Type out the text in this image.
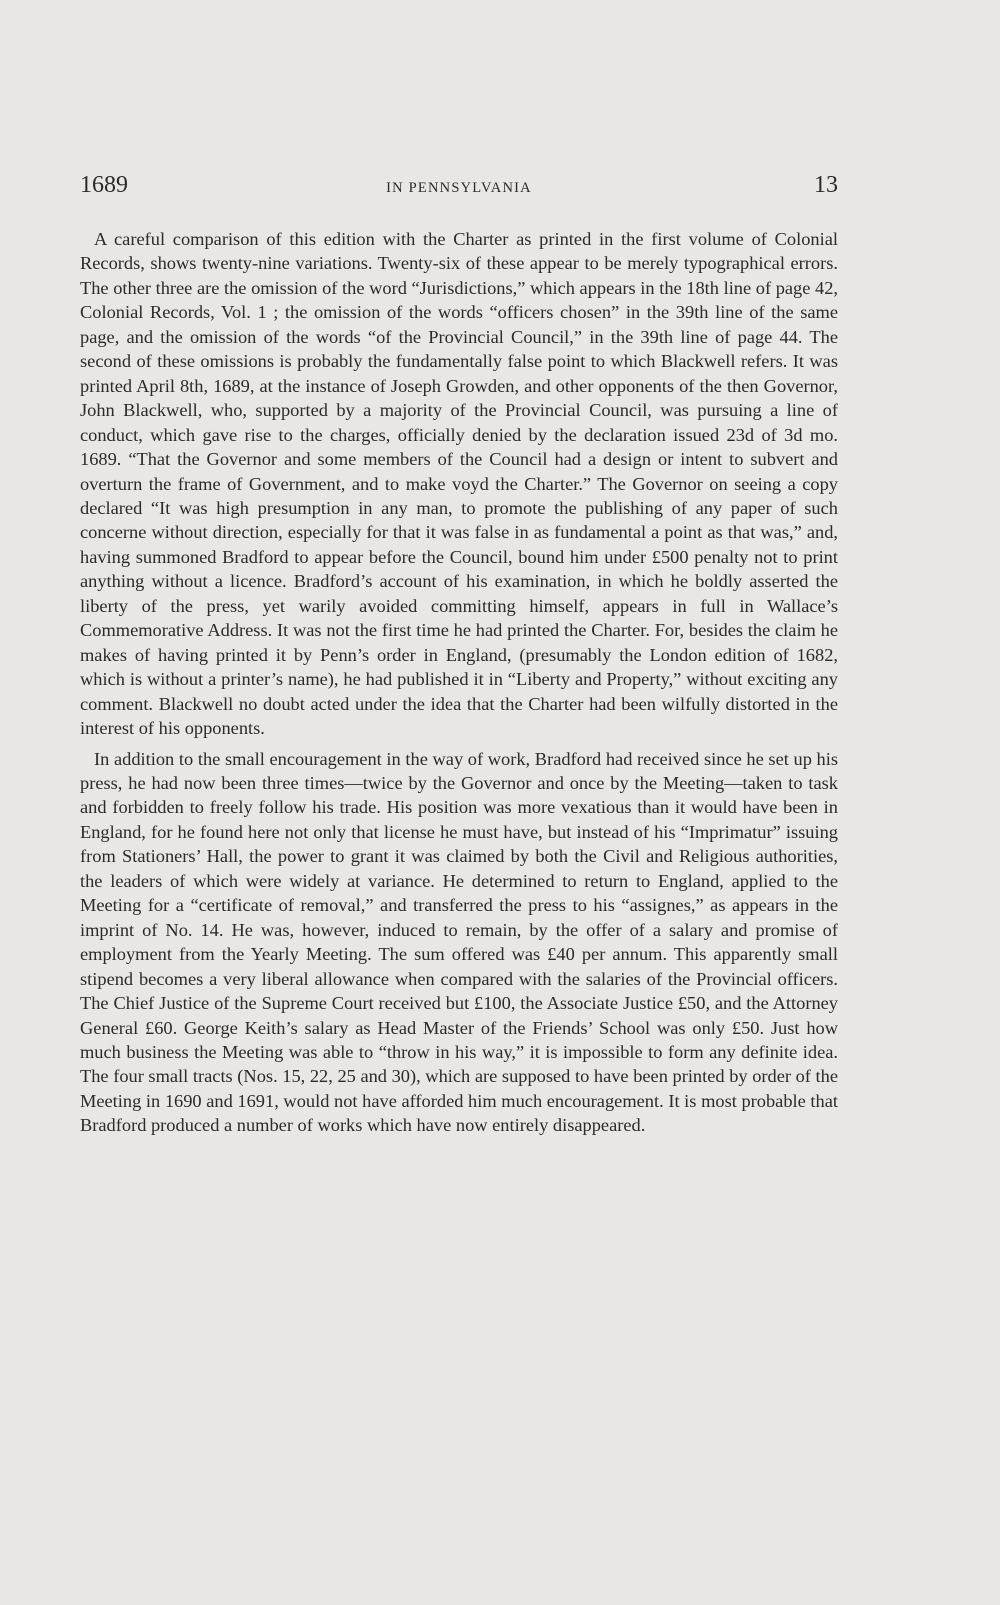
1689	IN PENNSYLVANIA	13

A careful comparison of this edition with the Charter as printed in the first volume of Colonial Records, shows twenty-nine variations. Twenty-six of these appear to be merely typographical errors. The other three are the omission of the word “Jurisdictions,” which appears in the 18th line of page 42, Colonial Records, Vol. 1 ; the omission of the words “officers chosen” in the 39th line of the same page, and the omission of the words “of the Provincial Council,” in the 39th line of page 44. The second of these omissions is probably the fundamentally false point to which Blackwell refers. It was printed April 8th, 1689, at the instance of Joseph Growden, and other opponents of the then Governor, John Blackwell, who, supported by a majority of the Provincial Council, was pursuing a line of conduct, which gave rise to the charges, officially denied by the declaration issued 23d of 3d mo. 1689. “That the Governor and some members of the Council had a design or intent to subvert and overturn the frame of Government, and to make voyd the Charter.” The Governor on seeing a copy declared “It was high presumption in any man, to promote the publishing of any paper of such concerne without direction, especially for that it was false in as fundamental a point as that was,” and, having summoned Bradford to appear before the Council, bound him under £500 penalty not to print anything without a licence. Bradford’s account of his examination, in which he boldly asserted the liberty of the press, yet warily avoided committing himself, appears in full in Wallace’s Commemorative Address. It was not the first time he had printed the Charter. For, besides the claim he makes of having printed it by Penn’s order in England, (presumably the London edition of 1682, which is without a printer’s name), he had published it in “Liberty and Property,” without exciting any comment. Blackwell no doubt acted under the idea that the Charter had been wilfully distorted in the interest of his opponents.

In addition to the small encouragement in the way of work, Bradford had received since he set up his press, he had now been three times—twice by the Governor and once by the Meeting—taken to task and forbidden to freely follow his trade. His position was more vexatious than it would have been in England, for he found here not only that license he must have, but instead of his “Imprimatur” issuing from Stationers’ Hall, the power to grant it was claimed by both the Civil and Religious authorities, the leaders of which were widely at variance. He determined to return to England, applied to the Meeting for a “certificate of removal,” and transferred the press to his “assignes,” as appears in the imprint of No. 14. He was, however, induced to remain, by the offer of a salary and promise of employment from the Yearly Meeting. The sum offered was £40 per annum. This apparently small stipend becomes a very liberal allowance when compared with the salaries of the Provincial officers. The Chief Justice of the Supreme Court received but £100, the Associate Justice £50, and the Attorney General £60. George Keith’s salary as Head Master of the Friends’ School was only £50. Just how much business the Meeting was able to “throw in his way,” it is impossible to form any definite idea. The four small tracts (Nos. 15, 22, 25 and 30), which are supposed to have been printed by order of the Meeting in 1690 and 1691, would not have afforded him much encouragement. It is most probable that Bradford produced a number of works which have now entirely disappeared.
